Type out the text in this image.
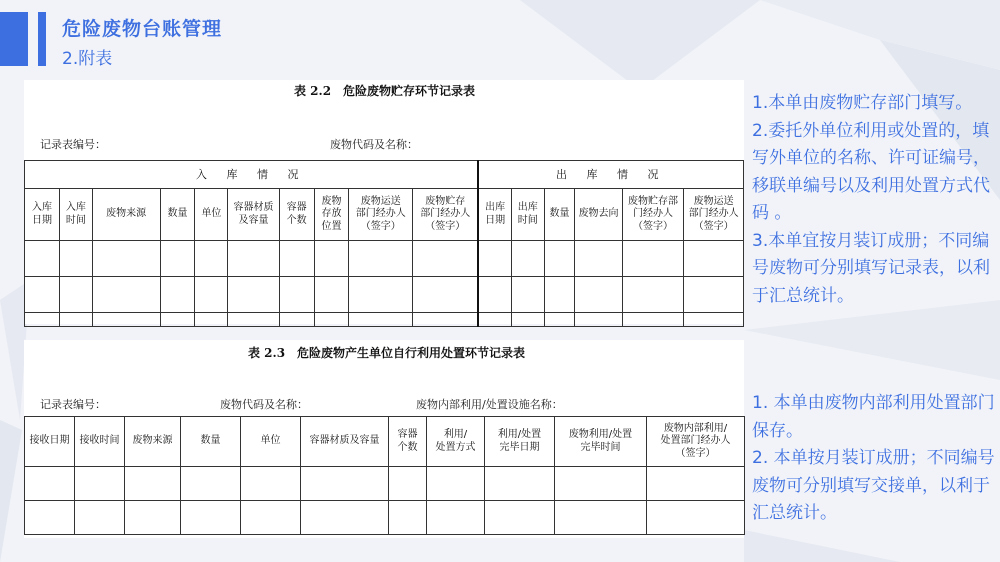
危险废物台账管理
2.附表
表 2.2　危险废物贮存环节记录表
记录表编号：	废物代码及名称：
入 库 情 况										出 库 情 况					
入库
日期	入库
时间	废物来源	数量	单位	容器材质
及容量	容器
个数	废物
存放
位置	废物运送
部门经办人
（签字）	废物贮存
部门经办人
（签字）	出库
日期	出库
时间	数量	废物去向	废物贮存部
门经办人
（签字）	废物运送
部门经办人
（签字）

表 2.3　危险废物产生单位自行利用处置环节记录表
记录表编号：	废物代码及名称：	废物内部利用/处置设施名称：
接收日期	接收时间	废物来源	数量	单位	容器材质及容量	容器
个数	利用/
处置方式	利用/处置
完毕日期	废物利用/处置
完毕时间	废物内部利用/
处置部门经办人
（签字）

1.本单由废物贮存部门填写。

2.委托外单位利用或处置的，填写外单位的名称、许可证编号，移联单编号以及利用处置方式代码 。

3.本单宜按月装订成册；不同编号废物可分别填写记录表，以利于汇总统计。

1. 本单由废物内部利用处置部门保存。

2. 本单按月装订成册；不同编号废物可分别填写交接单，以利于汇总统计。
